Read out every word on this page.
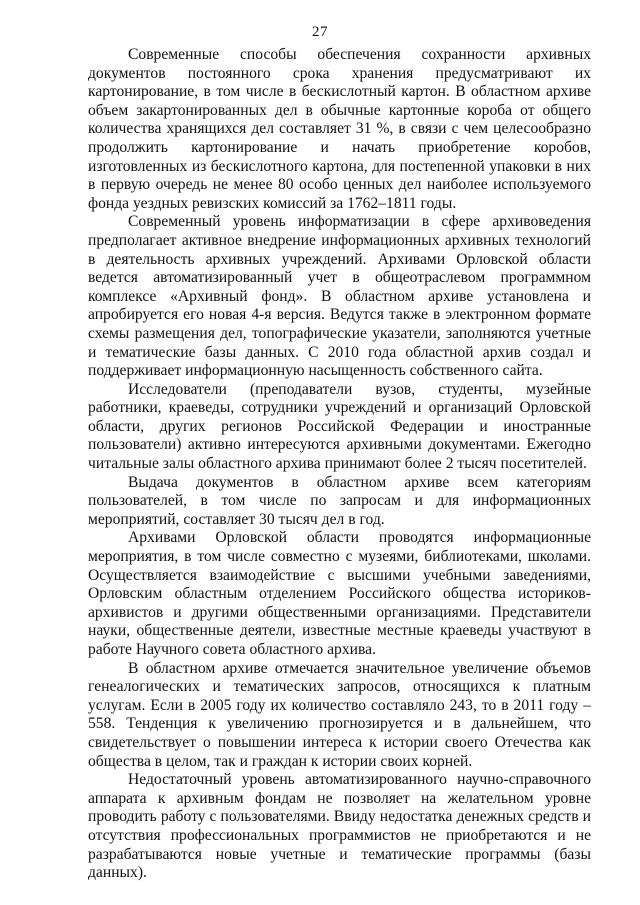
27

Современные способы обеспечения сохранности архивных документов постоянного срока хранения предусматривают их картонирование, в том числе в бескислотный картон. В областном архиве объем закартонированных дел в обычные картонные короба от общего количества хранящихся дел составляет 31 %, в связи с чем целесообразно продолжить картонирование и начать приобретение коробов, изготовленных из бескислотного картона, для постепенной упаковки в них в первую очередь не менее 80 особо ценных дел наиболее используемого фонда уездных ревизских комиссий за 1762–1811 годы.

Современный уровень информатизации в сфере архивоведения предполагает активное внедрение информационных архивных технологий в деятельность архивных учреждений. Архивами Орловской области ведется автоматизированный учет в общеотраслевом программном комплексе «Архивный фонд». В областном архиве установлена и апробируется его новая 4-я версия. Ведутся также в электронном формате схемы размещения дел, топографические указатели, заполняются учетные и тематические базы данных. С 2010 года областной архив создал и поддерживает информационную насыщенность собственного сайта.

Исследователи (преподаватели вузов, студенты, музейные работники, краеведы, сотрудники учреждений и организаций Орловской области, других регионов Российской Федерации и иностранные пользователи) активно интересуются архивными документами. Ежегодно читальные залы областного архива принимают более 2 тысяч посетителей.

Выдача документов в областном архиве всем категориям пользователей, в том числе по запросам и для информационных мероприятий, составляет 30 тысяч дел в год.

Архивами Орловской области проводятся информационные мероприятия, в том числе совместно с музеями, библиотеками, школами. Осуществляется взаимодействие с высшими учебными заведениями, Орловским областным отделением Российского общества историков-архивистов и другими общественными организациями. Представители науки, общественные деятели, известные местные краеведы участвуют в работе Научного совета областного архива.

В областном архиве отмечается значительное увеличение объемов генеалогических и тематических запросов, относящихся к платным услугам. Если в 2005 году их количество составляло 243, то в 2011 году – 558. Тенденция к увеличению прогнозируется и в дальнейшем, что свидетельствует о повышении интереса к истории своего Отечества как общества в целом, так и граждан к истории своих корней.

Недостаточный уровень автоматизированного научно-справочного аппарата к архивным фондам не позволяет на желательном уровне проводить работу с пользователями. Ввиду недостатка денежных средств и отсутствия профессиональных программистов не приобретаются и не разрабатываются новые учетные и тематические программы (базы данных).
